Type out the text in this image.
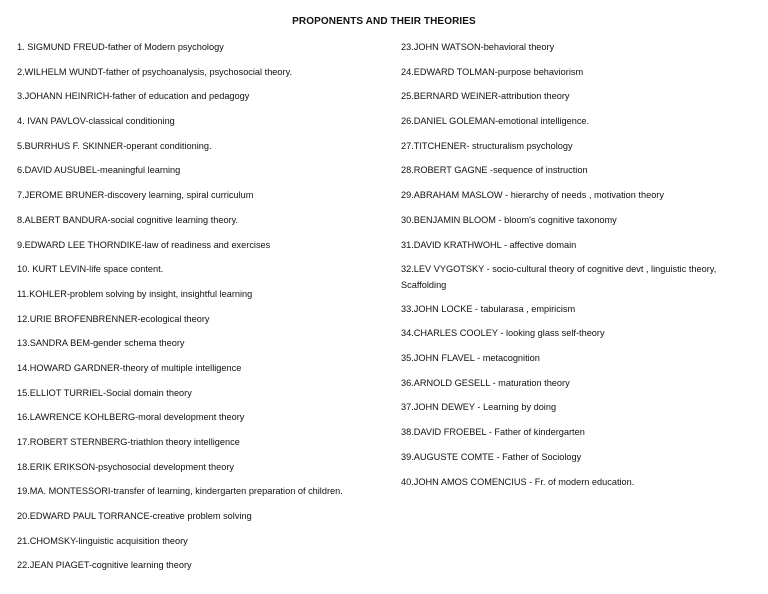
PROPONENTS AND THEIR THEORIES
1. SIGMUND FREUD-father of Modern psychology
2.WILHELM WUNDT-father of psychoanalysis, psychosocial theory.
3.JOHANN HEINRICH-father of education and pedagogy
4. IVAN PAVLOV-classical conditioning
5.BURRHUS F. SKINNER-operant conditioning.
6.DAVID AUSUBEL-meaningful learning
7.JEROME BRUNER-discovery learning, spiral curriculum
8.ALBERT BANDURA-social cognitive learning theory.
9.EDWARD LEE THORNDIKE-law of readiness and exercises
10. KURT LEVIN-life space content.
11.KOHLER-problem solving by insight, insightful learning
12.URIE BROFENBRENNER-ecological theory
13.SANDRA BEM-gender schema theory
14.HOWARD GARDNER-theory of multiple intelligence
15.ELLIOT TURRIEL-Social domain theory
16.LAWRENCE KOHLBERG-moral development theory
17.ROBERT STERNBERG-triathlon theory intelligence
18.ERIK ERIKSON-psychosocial development theory
19.MA. MONTESSORI-transfer of learning, kindergarten preparation of children.
20.EDWARD PAUL TORRANCE-creative problem solving
21.CHOMSKY-linguistic acquisition theory
22.JEAN PIAGET-cognitive learning theory
23.JOHN WATSON-behavioral theory
24.EDWARD TOLMAN-purpose behaviorism
25.BERNARD WEINER-attribution theory
26.DANIEL GOLEMAN-emotional intelligence.
27.TITCHENER- structuralism psychology
28.ROBERT GAGNE -sequence of instruction
29.ABRAHAM MASLOW - hierarchy of needs , motivation theory
30.BENJAMIN BLOOM - bloom's cognitive taxonomy
31.DAVID KRATHWOHL - affective domain
32.LEV VYGOTSKY - socio-cultural theory of cognitive devt , linguistic theory, Scaffolding
33.JOHN LOCKE - tabularasa , empiricism
34.CHARLES COOLEY - looking glass self-theory
35.JOHN FLAVEL - metacognition
36.ARNOLD GESELL - maturation theory
37.JOHN DEWEY - Learning by doing
38.DAVID FROEBEL - Father of kindergarten
39.AUGUSTE COMTE - Father of Sociology
40.JOHN AMOS COMENCIUS - Fr. of modern education.
